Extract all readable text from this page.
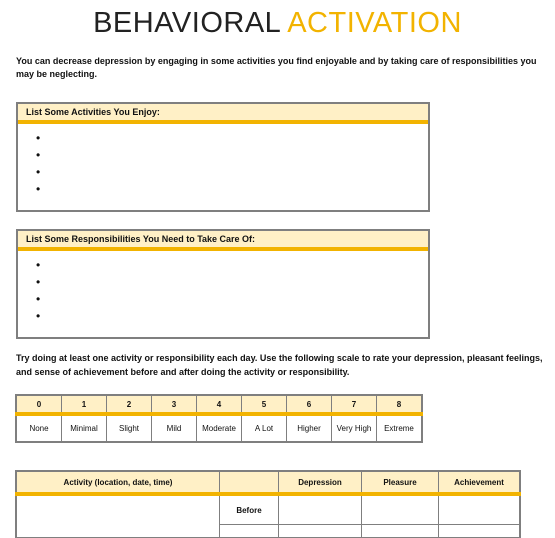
BEHAVIORAL ACTIVATION
You can decrease depression by engaging in some activities you find enjoyable and by taking care of responsibilities you may be neglecting.
List Some Activities You Enjoy:
•
•
•
•
List Some Responsibilities You Need to Take Care Of:
•
•
•
•
Try doing at least one activity or responsibility each day. Use the following scale to rate your depression, pleasant feelings, and sense of achievement before and after doing the activity or responsibility.
0	1	2	3	4	5	6	7	8
None	Minimal	Slight	Mild	Moderate	A Lot	Higher	Very High	Extreme
Activity (location, date, time)		Depression	Pleasure	Achievement
	Before			
